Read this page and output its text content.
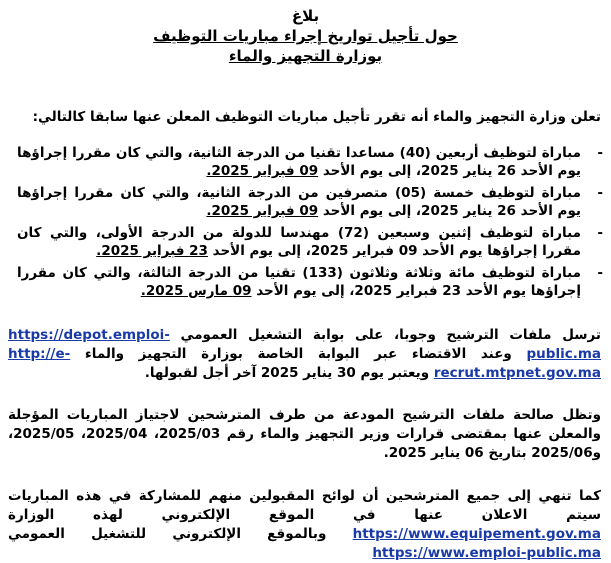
بلاغ
حول تأجيل تواريخ إجراء مباريات التوظيف
بوزارة التجهيز والماء
تعلن وزارة التجهيز والماء أنه تقرر تأجيل مباريات التوظيف المعلن عنها سابقا كالتالي:
-
مباراة لتوظيف أربعين (40) مساعدا تقنيا من الدرجة الثانية، والتي كان مقررا إجراؤها يوم الأحد 26 يناير 2025، إلى يوم الأحد 09 فبراير 2025.
-
مباراة لتوظيف خمسة (05) متصرفين من الدرجة الثانية، والتي كان مقررا إجراؤها يوم الأحد 26 يناير 2025، إلى يوم الأحد 09 فبراير 2025.
-
مباراة لتوظيف إثنين وسبعين (72) مهندسا للدولة من الدرجة الأولى، والتي كان مقررا إجراؤها يوم الأحد 09 فبراير 2025، إلى يوم الأحد 23 فبراير 2025.
-
مباراة لتوظيف مائة وثلاثة وثلاثون (133) تقنيا من الدرجة الثالثة، والتي كان مقررا إجراؤها يوم الأحد 23 فبراير 2025، إلى يوم الأحد 09 مارس 2025.
ترسل ملفات الترشيح وجوبا، على بوابة التشغيل العمومي https://depot.emploi-public.ma وعند الاقتضاء عبر البوابة الخاصة بوزارة التجهيز والماء http://e-recrut.mtpnet.gov.ma ويعتبر يوم 30 يناير 2025 آخر أجل لقبولها.
وتظل صالحة ملفات الترشيح المودعة من طرف المترشحين لاجتياز المباريات المؤجلة والمعلن عنها بمقتضى قرارات وزير التجهيز والماء رقم 2025/03، 2025/04، 2025/05، و2025/06 بتاريخ 06 يناير 2025.
كما تنهي إلى جميع المترشحين أن لوائح المقبولين منهم للمشاركة في هذه المباريات سيتم الاعلان عنها في الموقع الإلكتروني لهذه الوزارة https://www.equipement.gov.ma وبالموقع الإلكتروني للتشغيل العمومي https://www.emploi-public.ma
